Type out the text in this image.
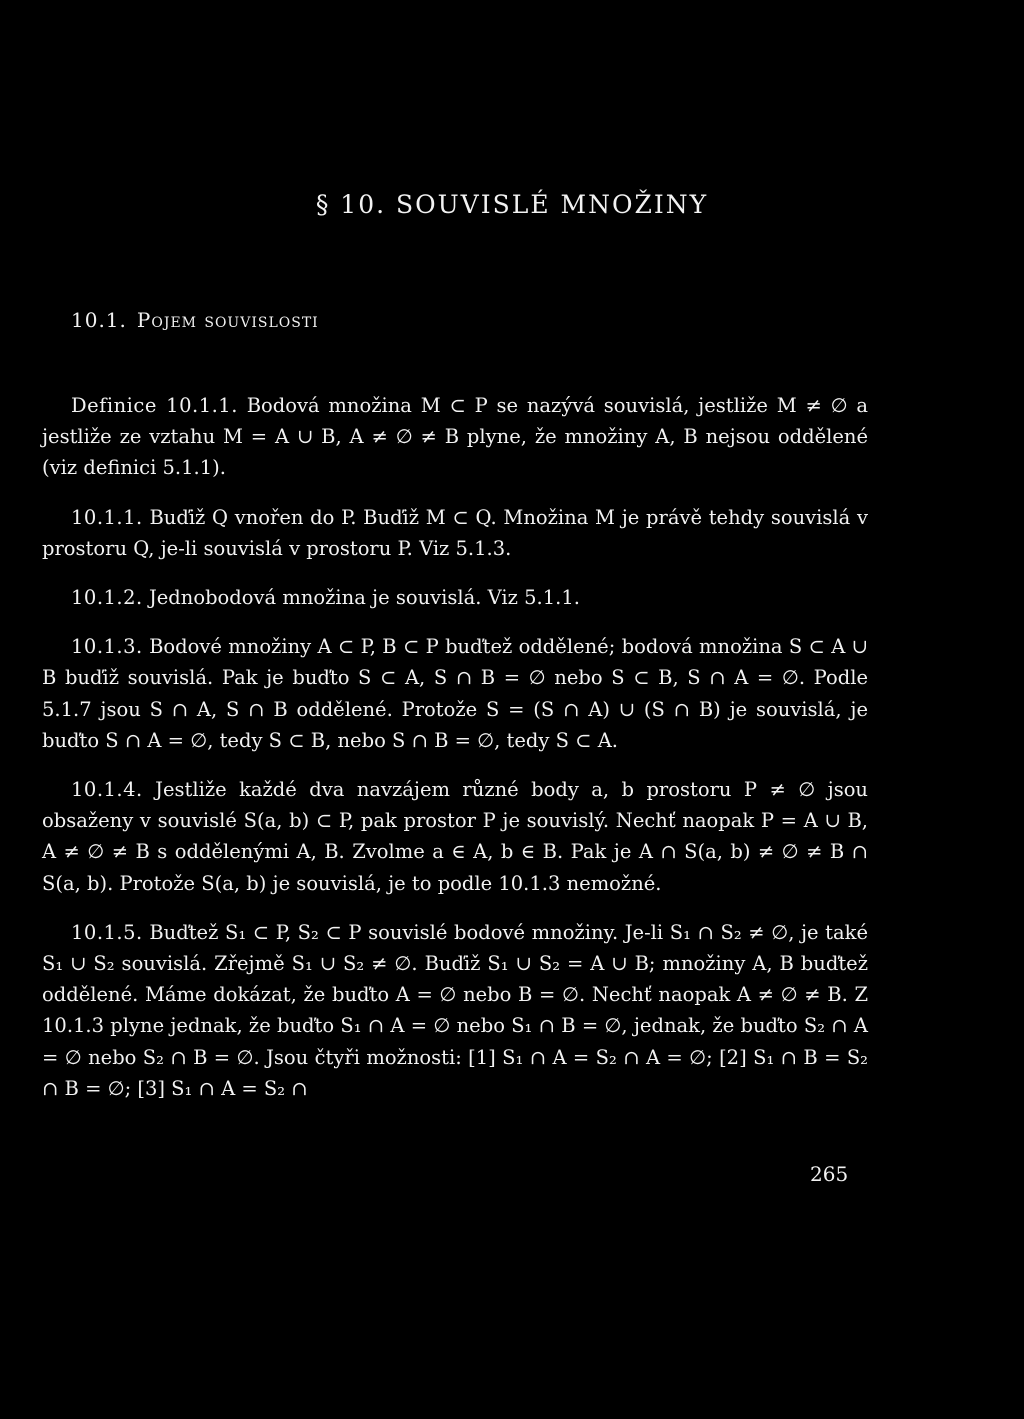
§ 10. SOUVISLÉ MNOŽINY
10.1. Pojem souvislosti

Definice 10.1.1. Bodová množina M ⊂ P se nazývá souvislá, jestliže M ≠ ∅ a jestliže ze vztahu M = A ∪ B, A ≠ ∅ ≠ B plyne, že množiny A, B nejsou oddělené (viz definici 5.1.1).

10.1.1. Buďiž Q vnořen do P. Buďiž M ⊂ Q. Množina M je právě tehdy souvislá v prostoru Q, je-li souvislá v prostoru P. Viz 5.1.3.

10.1.2. Jednobodová množina je souvislá. Viz 5.1.1.

10.1.3. Bodové množiny A ⊂ P, B ⊂ P buďtež oddělené; bodová množina S ⊂ A ∪ B buďiž souvislá. Pak je buďto S ⊂ A, S ∩ B = ∅ nebo S ⊂ B, S ∩ A = ∅. Podle 5.1.7 jsou S ∩ A, S ∩ B oddělené. Protože S = (S ∩ A) ∪ (S ∩ B) je souvislá, je buďto S ∩ A = ∅, tedy S ⊂ B, nebo S ∩ B = ∅, tedy S ⊂ A.

10.1.4. Jestliže každé dva navzájem různé body a, b prostoru P ≠ ∅ jsou obsaženy v souvislé S(a, b) ⊂ P, pak prostor P je souvislý. Nechť naopak P = A ∪ B, A ≠ ∅ ≠ B s oddělenými A, B. Zvolme a ∈ A, b ∈ B. Pak je A ∩ S(a, b) ≠ ∅ ≠ B ∩ S(a, b). Protože S(a, b) je souvislá, je to podle 10.1.3 nemožné.

10.1.5. Buďtež S₁ ⊂ P, S₂ ⊂ P souvislé bodové množiny. Je-li S₁ ∩ S₂ ≠ ∅, je také S₁ ∪ S₂ souvislá. Zřejmě S₁ ∪ S₂ ≠ ∅. Buďiž S₁ ∪ S₂ = A ∪ B; množiny A, B buďtež oddělené. Máme dokázat, že buďto A = ∅ nebo B = ∅. Nechť naopak A ≠ ∅ ≠ B. Z 10.1.3 plyne jednak, že buďto S₁ ∩ A = ∅ nebo S₁ ∩ B = ∅, jednak, že buďto S₂ ∩ A = ∅ nebo S₂ ∩ B = ∅. Jsou čtyři možnosti: [1] S₁ ∩ A = S₂ ∩ A = ∅; [2] S₁ ∩ B = S₂ ∩ B = ∅; [3] S₁ ∩ A = S₂ ∩

265
